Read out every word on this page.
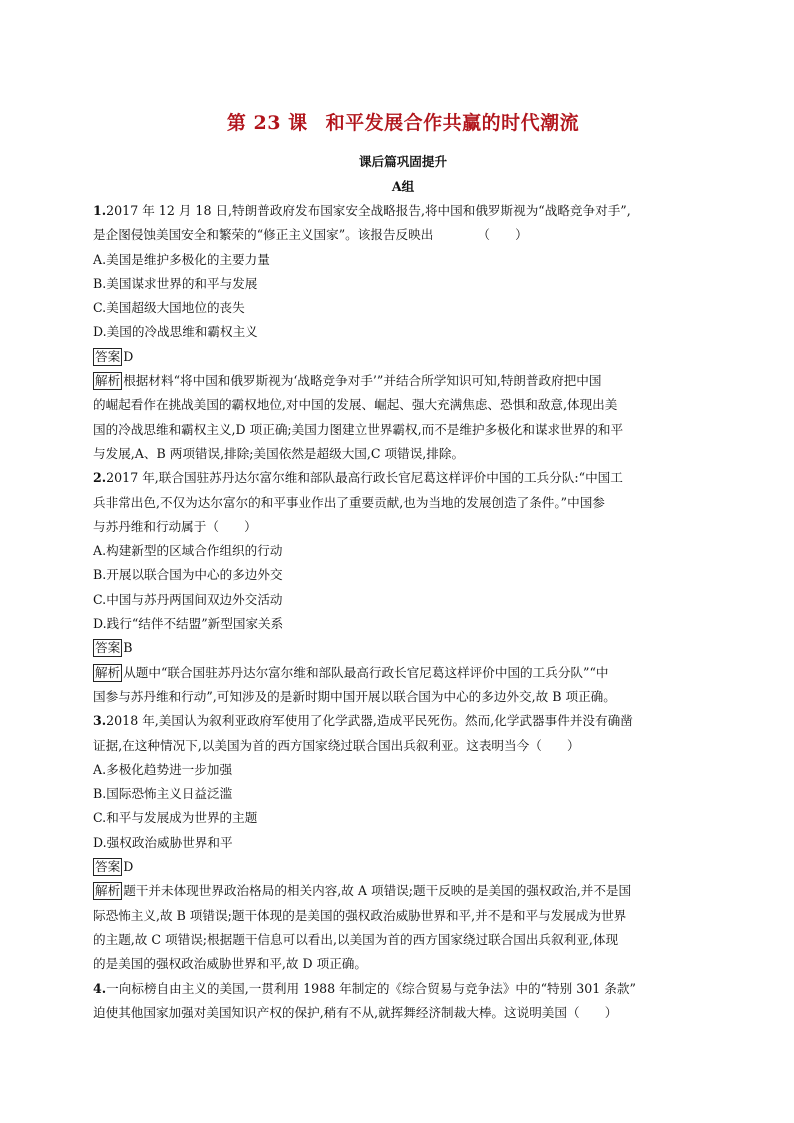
第 23 课 和平发展合作共赢的时代潮流
课后篇巩固提升
A组
1.2017 年 12 月 18 日,特朗普政府发布国家安全战略报告,将中国和俄罗斯视为“战略竞争对手”,
是企图侵蚀美国安全和繁荣的“修正主义国家”。该报告反映出　　　　（　　）
A.美国是维护多极化的主要力量
B.美国谋求世界的和平与发展
C.美国超级大国地位的丧失
D.美国的冷战思维和霸权主义
答案 D
解析 根据材料“将中国和俄罗斯视为‘战略竞争对手’”并结合所学知识可知,特朗普政府把中国
的崛起看作在挑战美国的霸权地位,对中国的发展、崛起、强大充满焦虑、恐惧和敌意,体现出美
国的冷战思维和霸权主义,D 项正确;美国力图建立世界霸权,而不是维护多极化和谋求世界的和平
与发展,A、B 两项错误,排除;美国依然是超级大国,C 项错误,排除。
2.2017 年,联合国驻苏丹达尔富尔维和部队最高行政长官尼葛这样评价中国的工兵分队:“中国工
兵非常出色,不仅为达尔富尔的和平事业作出了重要贡献,也为当地的发展创造了条件。”中国参
与苏丹维和行动属于（　　）
A.构建新型的区域合作组织的行动
B.开展以联合国为中心的多边外交
C.中国与苏丹两国间双边外交活动
D.践行“结伴不结盟”新型国家关系
答案 B
解析 从题中“联合国驻苏丹达尔富尔维和部队最高行政长官尼葛这样评价中国的工兵分队”“中
国参与苏丹维和行动”,可知涉及的是新时期中国开展以联合国为中心的多边外交,故 B 项正确。
3.2018 年,美国认为叙利亚政府军使用了化学武器,造成平民死伤。然而,化学武器事件并没有确凿
证据,在这种情况下,以美国为首的西方国家绕过联合国出兵叙利亚。这表明当今（　　）
A.多极化趋势进一步加强
B.国际恐怖主义日益泛滥
C.和平与发展成为世界的主题
D.强权政治威胁世界和平
答案 D
解析 题干并未体现世界政治格局的相关内容,故 A 项错误;题干反映的是美国的强权政治,并不是国
际恐怖主义,故 B 项错误;题干体现的是美国的强权政治威胁世界和平,并不是和平与发展成为世界
的主题,故 C 项错误;根据题干信息可以看出,以美国为首的西方国家绕过联合国出兵叙利亚,体现
的是美国的强权政治威胁世界和平,故 D 项正确。
4.一向标榜自由主义的美国,一贯利用 1988 年制定的《综合贸易与竞争法》中的“特别 301 条款”
迫使其他国家加强对美国知识产权的保护,稍有不从,就挥舞经济制裁大棒。这说明美国（　　）
